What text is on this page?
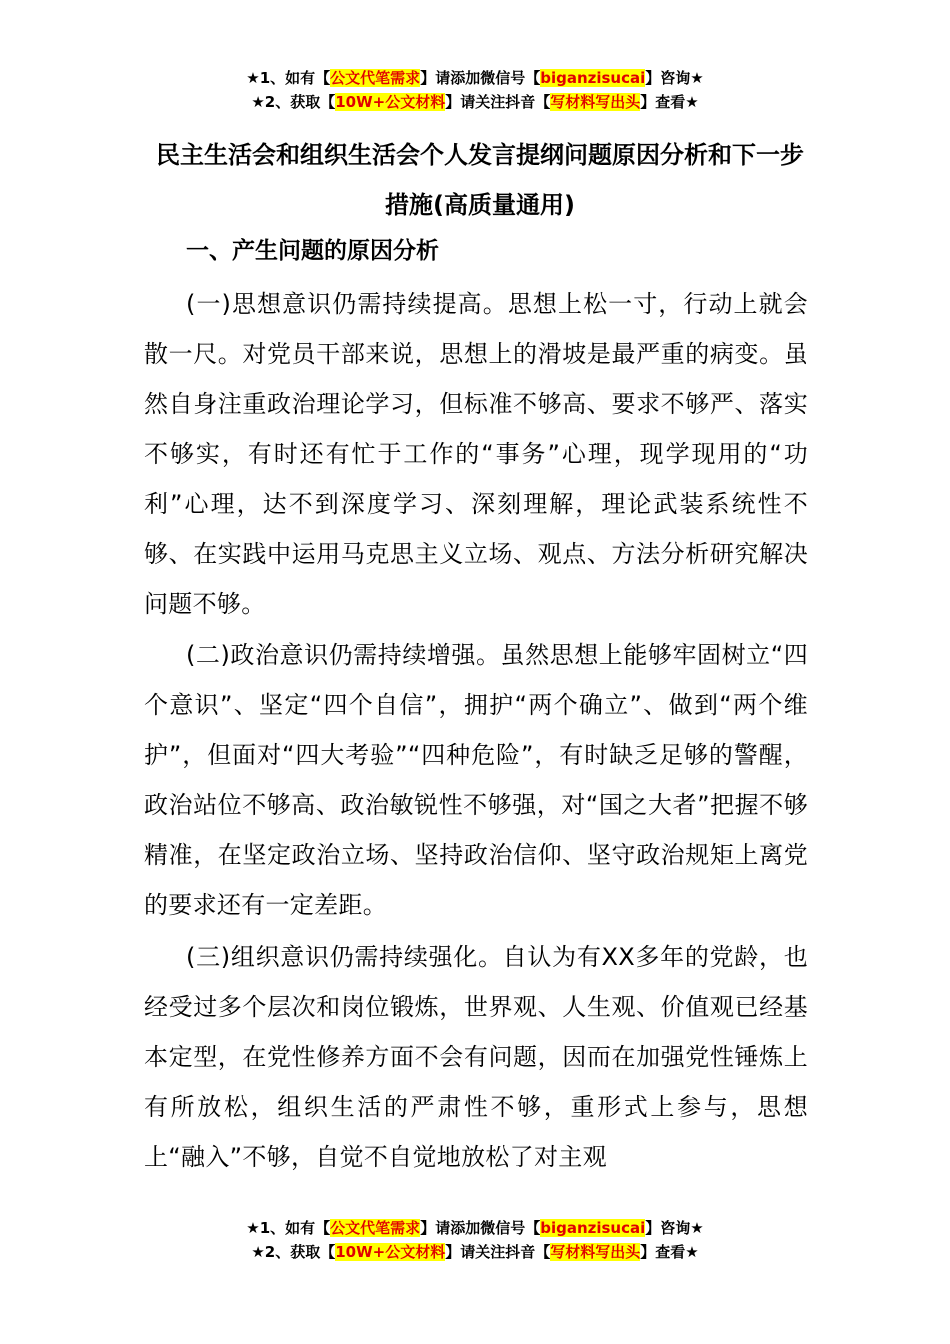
★1、如有【公文代笔需求】请添加微信号【biganzisucai】咨询★
★2、获取【10W+公文材料】请关注抖音【写材料写出头】查看★
民主生活会和组织生活会个人发言提纲问题原因分析和下一步措施(高质量通用)
一、产生问题的原因分析
(一)思想意识仍需持续提高。思想上松一寸，行动上就会散一尺。对党员干部来说，思想上的滑坡是最严重的病变。虽然自身注重政治理论学习，但标准不够高、要求不够严、落实不够实，有时还有忙于工作的“事务”心理，现学现用的“功利”心理，达不到深度学习、深刻理解，理论武装系统性不够、在实践中运用马克思主义立场、观点、方法分析研究解决问题不够。
(二)政治意识仍需持续增强。虽然思想上能够牢固树立“四个意识”、坚定“四个自信”，拥护“两个确立”、做到“两个维护”，但面对“四大考验”“四种危险”，有时缺乏足够的警醒，政治站位不够高、政治敏锐性不够强，对“国之大者”把握不够精准，在坚定政治立场、坚持政治信仰、坚守政治规矩上离党的要求还有一定差距。
(三)组织意识仍需持续强化。自认为有XX多年的党龄，也经受过多个层次和岗位锻炼，世界观、人生观、价值观已经基本定型，在党性修养方面不会有问题，因而在加强党性锤炼上有所放松，组织生活的严肃性不够，重形式上参与，思想上“融入”不够，自觉不自觉地放松了对主观
★1、如有【公文代笔需求】请添加微信号【biganzisucai】咨询★
★2、获取【10W+公文材料】请关注抖音【写材料写出头】查看★
